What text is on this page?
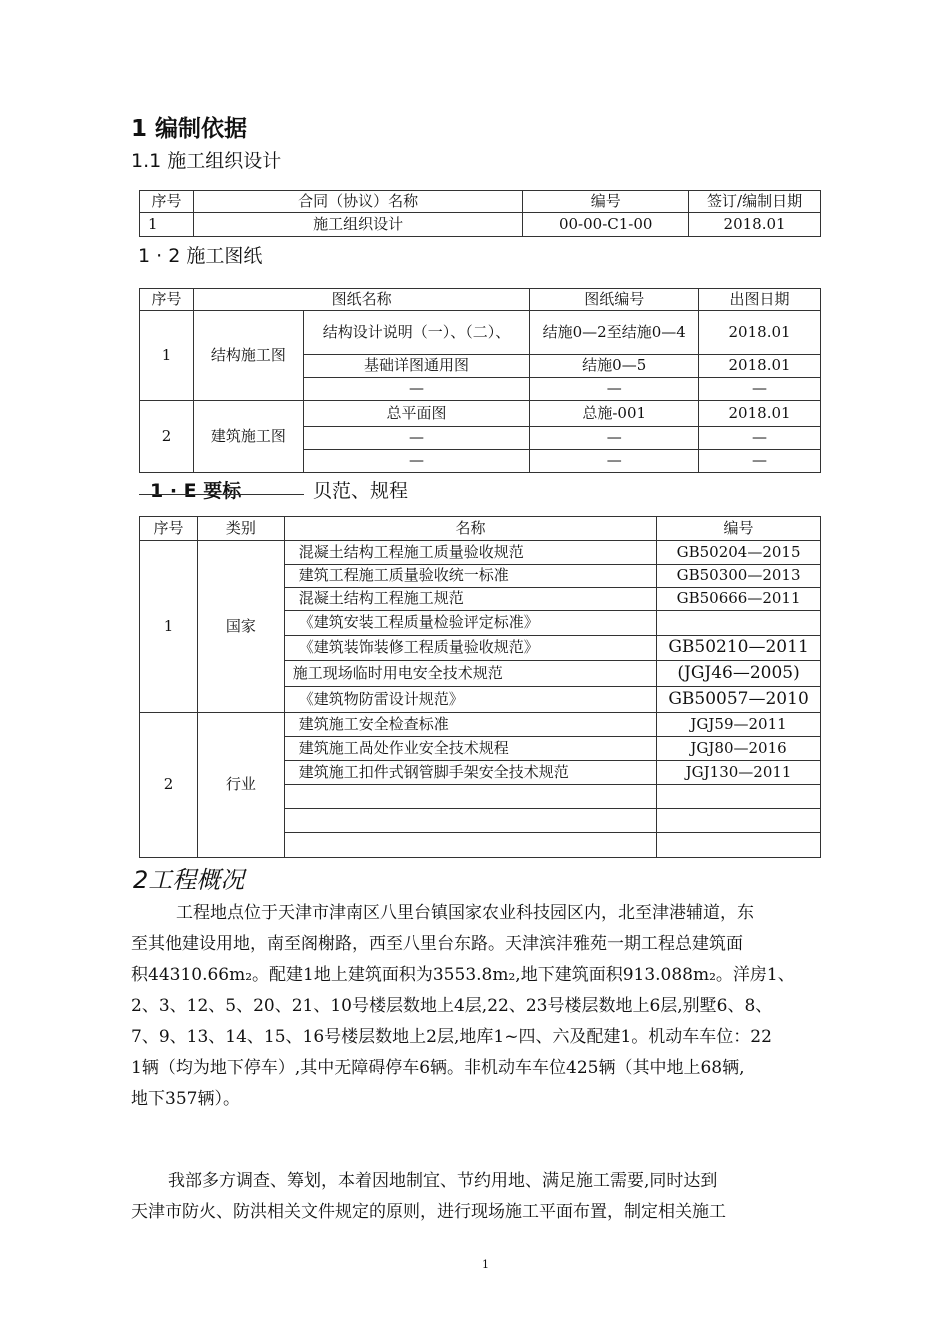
1 编制依据
1.1 施工组织设计
序号	合同（协议）名称	编号	签订/编制日期
1	施工组织设计	00-00-C1-00	2018.01
1 · 2 施工图纸
序号	图纸名称		图纸编号	出图日期
1	结构施工图	结构设计说明（一）、（二）、	结施0—2至结施0—4	2018.01
		基础详图通用图	结施0—5	2018.01
		—	—	—
2	建筑施工图	总平面图	总施-001	2018.01
		—	—	—
		—	—	—
1 · E 要标	贝范、规程
序号	类别	名称	编号
1	国家	混凝土结构工程施工质量验收规范	GB50204—2015
		建筑工程施工质量验收统一标准	GB50300—2013
		混凝土结构工程施工规范	GB50666—2011
		《建筑安装工程质量检验评定标准》	
		《建筑装饰装修工程质量验收规范》	GB50210—2011
		施工现场临时用电安全技术规范	(JGJ46—2005)
		《建筑物防雷设计规范》	GB50057—2010
2	行业	建筑施工安全检查标准	JGJ59—2011
		建筑施工咼处作业安全技术规程	JGJ80—2016
		建筑施工扣件式钢管脚手架安全技术规范	JGJ130—2011

2工程概况
工程地点位于天津市津南区八里台镇国家农业科技园区内，北至津港辅道，东
至其他建设用地，南至阁榭路，西至八里台东路。天津滨沣雅苑一期工程总建筑面
积44310.66m₂。配建1地上建筑面积为3553.8m₂,地下建筑面积913.088m₂。洋房1、
2、3、12、5、20、21、10号楼层数地上4层,22、23号楼层数地上6层,别墅6、8、
7、9、13、14、15、16号楼层数地上2层,地库1~四、六及配建1。机动车车位：22
1辆（均为地下停车）,其中无障碍停车6辆。非机动车车位425辆（其中地上68辆,
地下357辆）。
我部多方调查、筹划，本着因地制宜、节约用地、满足施工需要,同时达到
天津市防火、防洪相关文件规定的原则，进行现场施工平面布置，制定相关施工
1
